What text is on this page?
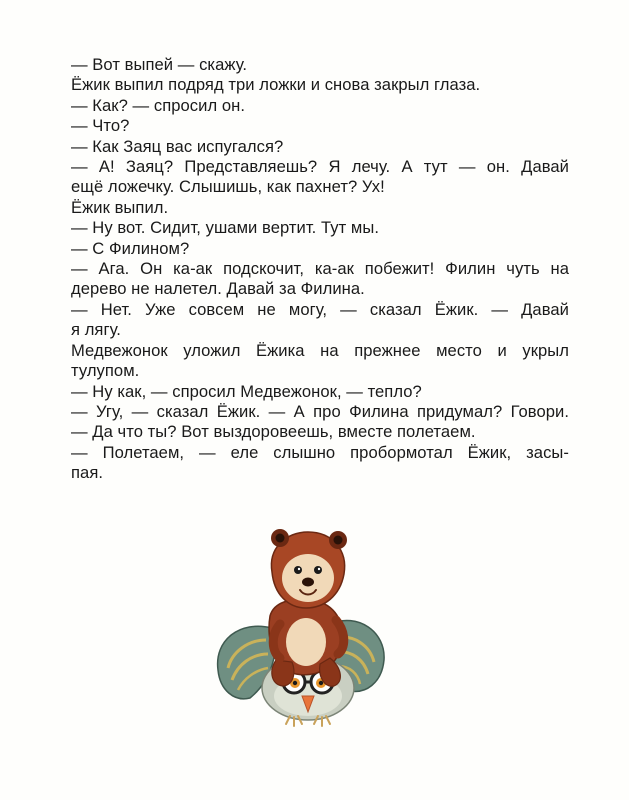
— Вот выпей — скажу.

Ёжик выпил подряд три ложки и снова закрыл глаза.

— Как? — спросил он.

— Что?

— Как Заяц вас испугался?

— А! Заяц? Представляешь? Я лечу. А тут — он. Давай

ещё ложечку. Слышишь, как пахнет? Ух!

Ёжик выпил.

— Ну вот. Сидит, ушами вертит. Тут мы.

— С Филином?

— Ага. Он ка-ак подскочит, ка-ак побежит! Филин чуть на

дерево не налетел. Давай за Филина.

— Нет. Уже совсем не могу, — сказал Ёжик. — Давай

я лягу.

Медвежонок уложил Ёжика на прежнее место и укрыл

тулупом.

— Ну как, — спросил Медвежонок, — тепло?

— Угу, — сказал Ёжик. — А про Филина придумал? Говори.

— Да что ты? Вот выздоровеешь, вместе полетаем.

— Полетаем, — еле слышно пробормотал Ёжик, засы-

пая.
